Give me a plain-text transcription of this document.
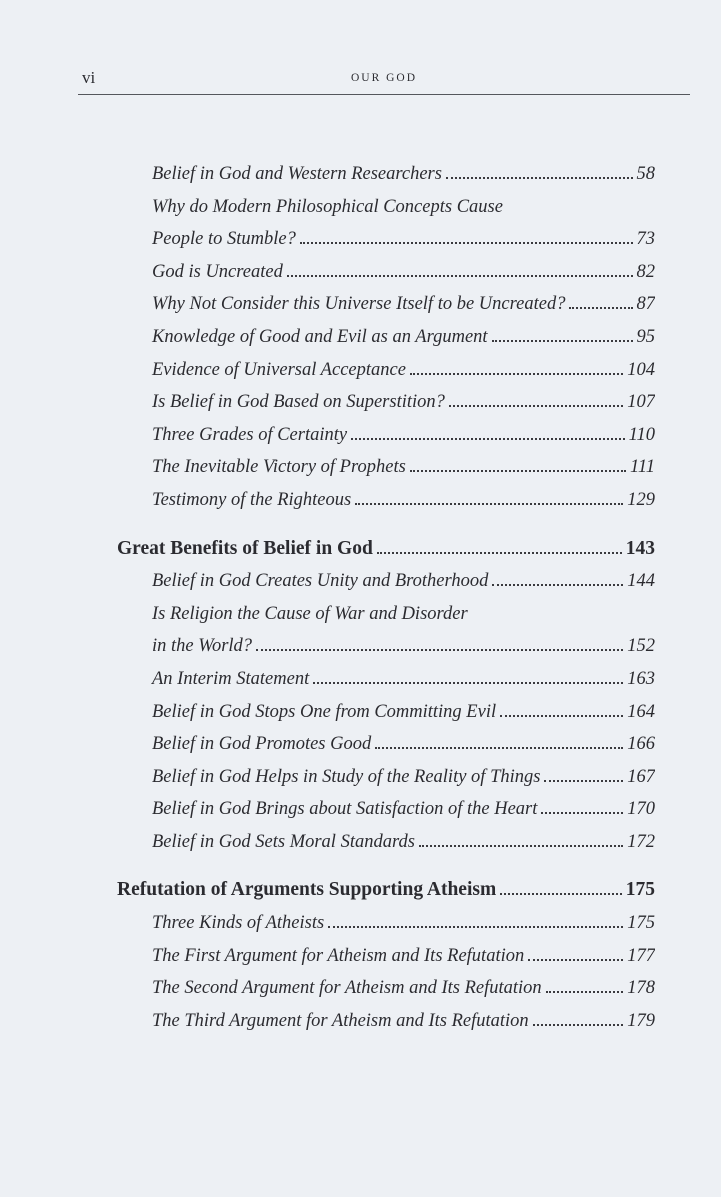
vi	OUR GOD
Belief in God and Western Researchers	58
Why do Modern Philosophical Concepts Cause
People to Stumble?	73
God is Uncreated	82
Why Not Consider this Universe Itself to be Uncreated?	87
Knowledge of Good and Evil as an Argument	95
Evidence of Universal Acceptance	104
Is Belief in God Based on Superstition?	107
Three Grades of Certainty	110
The Inevitable Victory of Prophets	111
Testimony of the Righteous	129
Great Benefits of Belief in God	143
Belief in God Creates Unity and Brotherhood	144
Is Religion the Cause of War and Disorder
in the World?	152
An Interim Statement	163
Belief in God Stops One from Committing Evil	164
Belief in God Promotes Good	166
Belief in God Helps in Study of the Reality of Things	167
Belief in God Brings about Satisfaction of the Heart	170
Belief in God Sets Moral Standards	172
Refutation of Arguments Supporting Atheism	175
Three Kinds of Atheists	175
The First Argument for Atheism and Its Refutation	177
The Second Argument for Atheism and Its Refutation	178
The Third Argument for Atheism and Its Refutation	179
